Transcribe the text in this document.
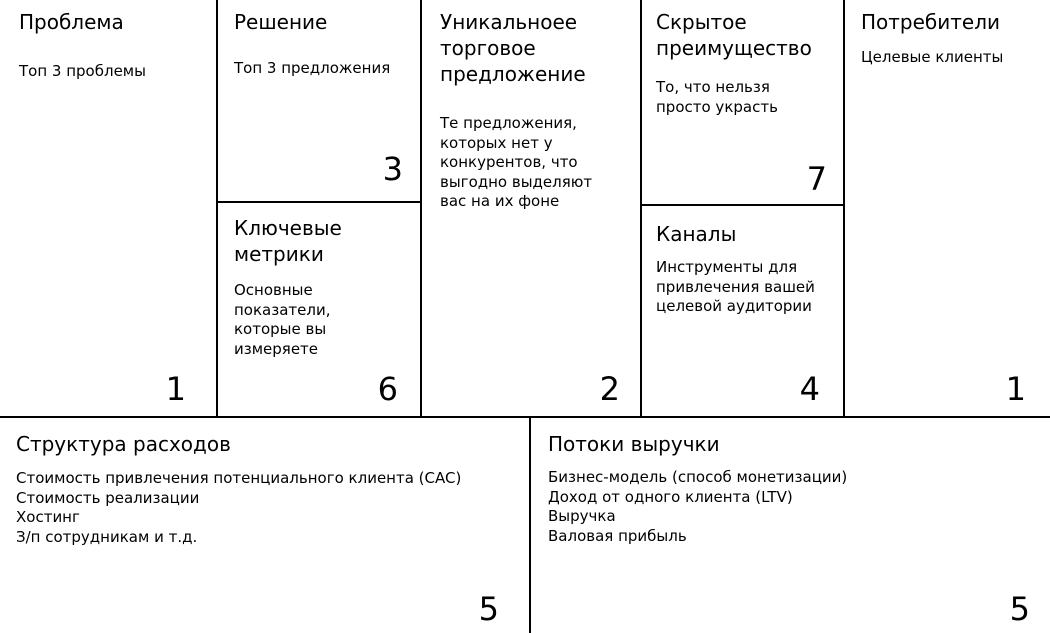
Проблема
Топ 3 проблемы
1
Решение
Топ 3 предложения
3
Ключевые
метрики
Основные
показатели,
которые вы
измеряете
6
Уникальноее
торговое
предложение
Те предложения,
которых нет у
конкурентов, что
выгодно выделяют
вас на их фоне
2
Скрытое
преимущество
То, что нельзя
просто украсть
7
Каналы
Инструменты для
привлечения вашей
целевой аудитории
4
Потребители
Целевые клиенты
1
Структура расходов
Стоимость привлечения потенциального клиента (CAC)
Стоимость реализации
Хостинг
З/п сотрудникам и т.д.
5
Потоки выручки
Бизнес-модель (способ монетизации)
Доход от одного клиента (LTV)
Выручка
Валовая прибыль
5
